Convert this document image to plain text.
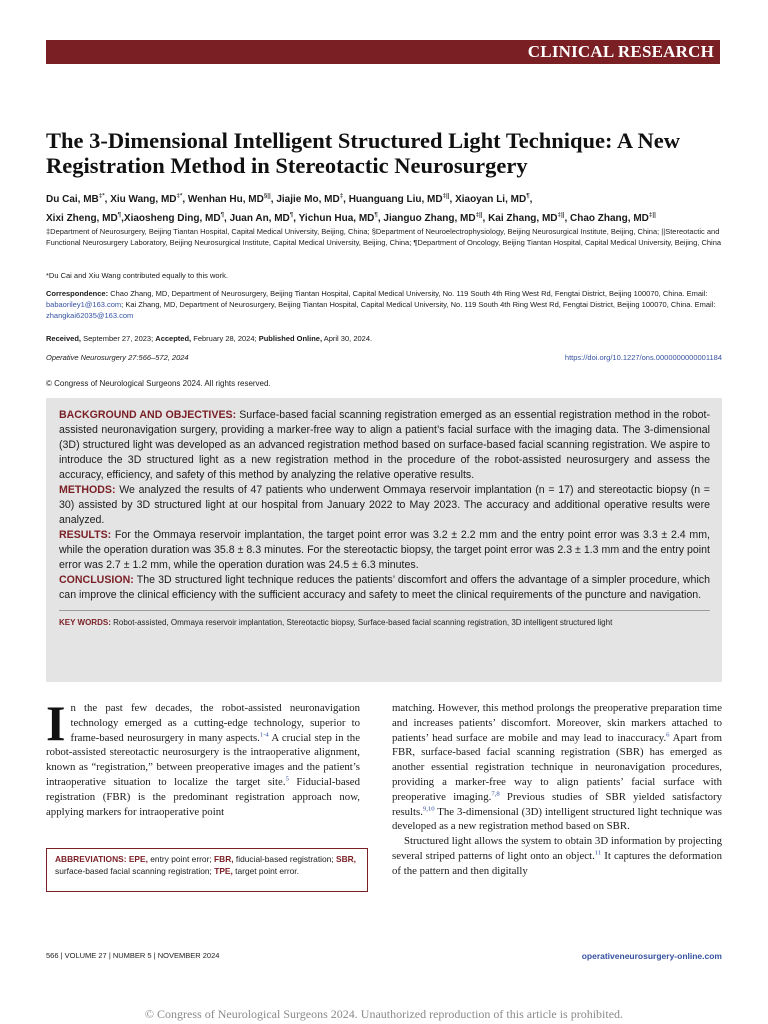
CLINICAL RESEARCH
The 3-Dimensional Intelligent Structured Light Technique: A New Registration Method in Stereotactic Neurosurgery
Du Cai, MB‡*, Xiu Wang, MD‡*, Wenhan Hu, MD§||, Jiajie Mo, MD‡, Huanguang Liu, MD‡||, Xiaoyan Li, MD¶,
Xixi Zheng, MD¶,Xiaosheng Ding, MD¶, Juan An, MD¶, Yichun Hua, MD¶, Jianguo Zhang, MD‡||, Kai Zhang, MD‡||, Chao Zhang, MD‡||
‡Department of Neurosurgery, Beijing Tiantan Hospital, Capital Medical University, Beijing, China; §Department of Neuroelectrophysiology, Beijing Neurosurgical Institute, Beijing, China; ||Stereotactic and Functional Neurosurgery Laboratory, Beijing Neurosurgical Institute, Capital Medical University, Beijing, China; ¶Department of Oncology, Beijing Tiantan Hospital, Capital Medical University, Beijing, China
*Du Cai and Xiu Wang contributed equally to this work.
Correspondence: Chao Zhang, MD, Department of Neurosurgery, Beijing Tiantan Hospital, Capital Medical University, No. 119 South 4th Ring West Rd, Fengtai District, Beijing 100070, China. Email: babaoriley1@163.com; Kai Zhang, MD, Department of Neurosurgery, Beijing Tiantan Hospital, Capital Medical University, No. 119 South 4th Ring West Rd, Fengtai District, Beijing 100070, China. Email: zhangkai62035@163.com
Received, September 27, 2023; Accepted, February 28, 2024; Published Online, April 30, 2024.
Operative Neurosurgery 27:566–572, 2024	https://doi.org/10.1227/ons.0000000000001184
© Congress of Neurological Surgeons 2024. All rights reserved.

BACKGROUND AND OBJECTIVES: Surface-based facial scanning registration emerged as an essential registration method in the robot-assisted neuronavigation surgery, providing a marker-free way to align a patient’s facial surface with the imaging data. The 3-dimensional (3D) structured light was developed as an advanced registration method based on surface-based facial scanning registration. We aspire to introduce the 3D structured light as a new registration method in the procedure of the robot-assisted neurosurgery and assess the accuracy, efficiency, and safety of this method by analyzing the relative operative results.

METHODS: We analyzed the results of 47 patients who underwent Ommaya reservoir implantation (n = 17) and stereotactic biopsy (n = 30) assisted by 3D structured light at our hospital from January 2022 to May 2023. The accuracy and additional operative results were analyzed.

RESULTS: For the Ommaya reservoir implantation, the target point error was 3.2 ± 2.2 mm and the entry point error was 3.3 ± 2.4 mm, while the operation duration was 35.8 ± 8.3 minutes. For the stereotactic biopsy, the target point error was 2.3 ± 1.3 mm and the entry point error was 2.7 ± 1.2 mm, while the operation duration was 24.5 ± 6.3 minutes.

CONCLUSION: The 3D structured light technique reduces the patients’ discomfort and offers the advantage of a simpler procedure, which can improve the clinical efficiency with the sufficient accuracy and safety to meet the clinical requirements of the puncture and navigation.

KEY WORDS: Robot-assisted, Ommaya reservoir implantation, Stereotactic biopsy, Surface-based facial scanning registration, 3D intelligent structured light
In the past few decades, the robot-assisted neuronavigation technology emerged as a cutting-edge technology, superior to frame-based neurosurgery in many aspects.$^{1-4}$ A crucial step in the robot-assisted stereotactic neurosurgery is the intraoperative alignment, known as “registration,” between preoperative images and the patient’s intraoperative situation to localize the target site.$^5$ Fiducial-based registration (FBR) is the predominant registration approach now, applying markers for intraoperative point
ABBREVIATIONS: EPE, entry point error; FBR, fiducial-based registration; SBR, surface-based facial scanning registration; TPE, target point error.
matching. However, this method prolongs the preoperative preparation time and increases patients’ discomfort. Moreover, skin markers attached to patients’ head surface are mobile and may lead to inaccuracy.$^6$ Apart from FBR, surface-based facial scanning registration (SBR) has emerged as another essential registration technique in neuronavigation procedures, providing a marker-free way to align patients’ facial surface with preoperative imaging.$^{7,8}$ Previous studies of SBR yielded satisfactory results.$^{9,10}$ The 3-dimensional (3D) intelligent structured light technique was developed as a new registration method based on SBR.
Structured light allows the system to obtain 3D information by projecting several striped patterns of light onto an object.$^{11}$ It captures the deformation of the pattern and then digitally
566 | VOLUME 27 | NUMBER 5 | NOVEMBER 2024	operativeneurosurgery-online.com
© Congress of Neurological Surgeons 2024. Unauthorized reproduction of this article is prohibited.
